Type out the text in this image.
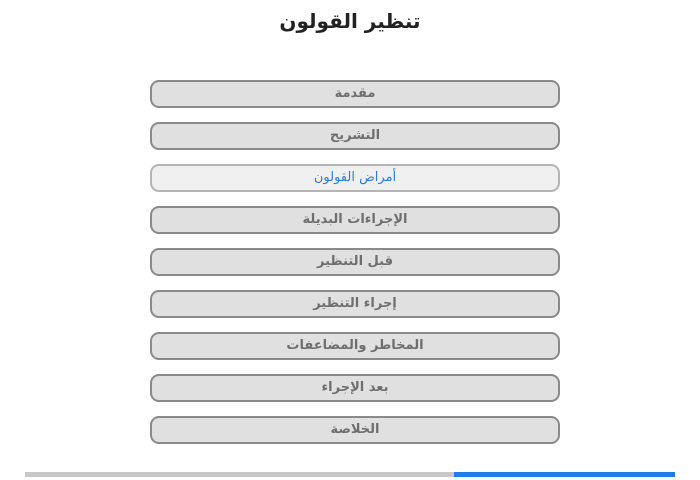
تنظير القولون
مقدمة
التشريح
أمراض القولون
الإجراءات البديلة
قبل التنظير
إجراء التنظير
المخاطر والمضاعفات
بعد الإجراء
الخلاصة
